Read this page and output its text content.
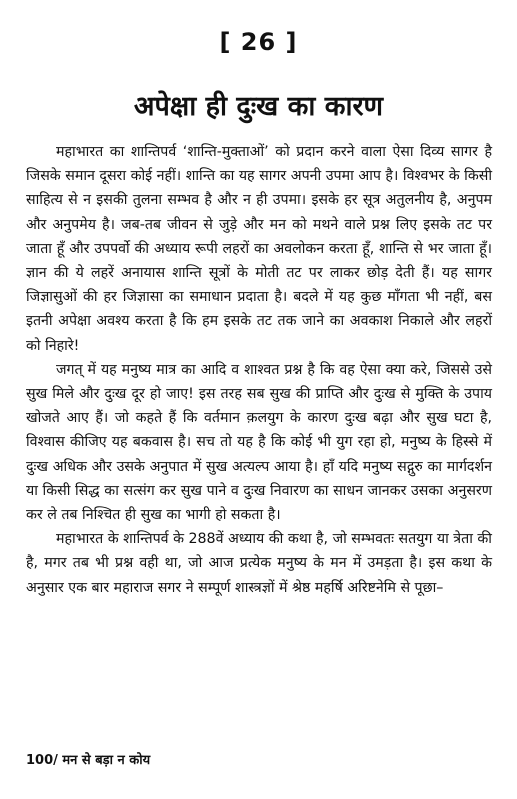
[ 26 ]
अपेक्षा ही दुःख का कारण

महाभारत का शान्तिपर्व ‘शान्ति-मुक्ताओं’ को प्रदान करने वाला ऐसा दिव्य सागर है जिसके समान दूसरा कोई नहीं। शान्ति का यह सागर अपनी उपमा आप है। विश्वभर के किसी साहित्य से न इसकी तुलना सम्भव है और न ही उपमा। इसके हर सूत्र अतुलनीय है, अनुपम और अनुपमेय है। जब-तब जीवन से जुड़े और मन को मथने वाले प्रश्न लिए इसके तट पर जाता हूँ और उपपर्वो की अध्याय रूपी लहरों का अवलोकन करता हूँ, शान्ति से भर जाता हूँ। ज्ञान की ये लहरें अनायास शान्ति सूत्रों के मोती तट पर लाकर छोड़ देती हैं। यह सागर जिज्ञासुओं की हर जिज्ञासा का समाधान प्रदाता है। बदले में यह कुछ माँगता भी नहीं, बस इतनी अपेक्षा अवश्य करता है कि हम इसके तट तक जाने का अवकाश निकाले और लहरों को निहारे!

जगत् में यह मनुष्य मात्र का आदि व शाश्वत प्रश्न है कि वह ऐसा क्या करे, जिससे उसे सुख मिले और दुःख दूर हो जाए! इस तरह सब सुख की प्राप्ति और दुःख से मुक्ति के उपाय खोजते आए हैं। जो कहते हैं कि वर्तमान क़लयुग के कारण दुःख बढ़ा और सुख घटा है, विश्वास कीजिए यह बकवास है। सच तो यह है कि कोई भी युग रहा हो, मनुष्य के हिस्से में दुःख अधिक और उसके अनुपात में सुख अत्यल्प आया है। हाँ यदि मनुष्य सद्गुरु का मार्गदर्शन या किसी सिद्ध का सत्संग कर सुख पाने व दुःख निवारण का साधन जानकर उसका अनुसरण कर ले तब निश्चित ही सुख का भागी हो सकता है।

महाभारत के शान्तिपर्व के 288वें अध्याय की कथा है, जो सम्भवतः सतयुग या त्रेता की है, मगर तब भी प्रश्न वही था, जो आज प्रत्येक मनुष्य के मन में उमड़ता है। इस कथा के अनुसार एक बार महाराज सगर ने सम्पूर्ण शास्त्रज्ञों में श्रेष्ठ महर्षि अरिष्टनेमि से पूछा–

100/ मन से बड़ा न कोय
